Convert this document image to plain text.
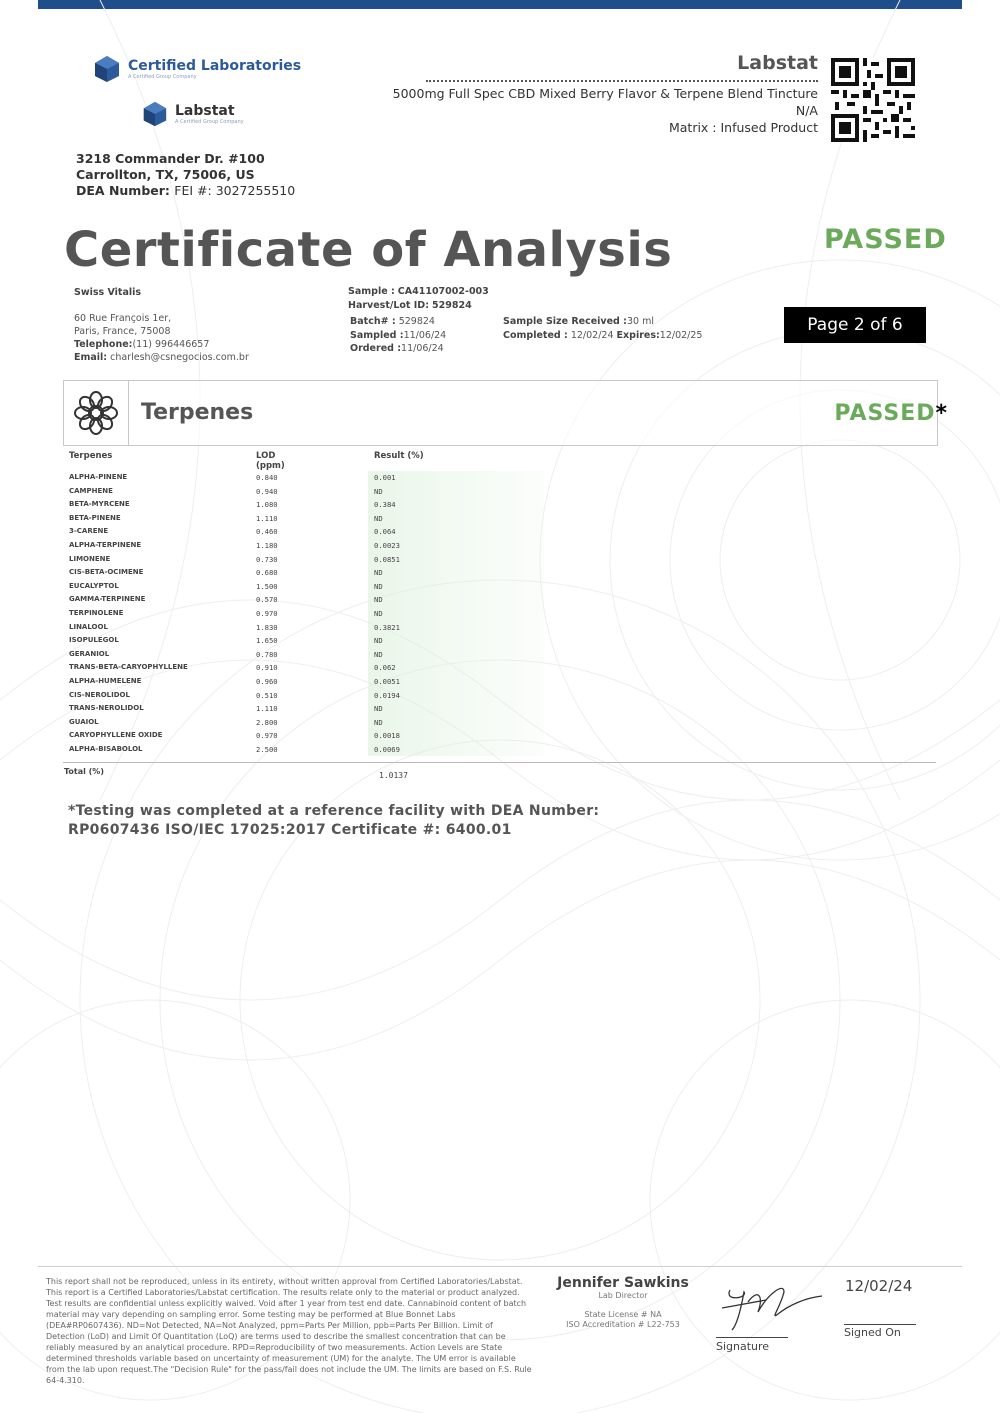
Certified Laboratories
A Certified Group Company
Labstat
A Certified Group Company
3218 Commander Dr. #100
Carrollton, TX, 75006, US
DEA Number: FEI #: 3027255510
Labstat
5000mg Full Spec CBD Mixed Berry Flavor & Terpene Blend Tincture
N/A
Matrix : Infused Product
Certificate of Analysis	PASSED
Swiss Vitalis
60 Rue François 1er,
Paris, France, 75008
Telephone:(11) 996446657
Email: charlesh@csnegocios.com.br
Sample : CA41107002-003
Harvest/Lot ID: 529824
Batch# : 529824
Sampled :11/06/24
Ordered :11/06/24
Sample Size Received :30 ml
Completed : 12/02/24 Expires:12/02/25	Page 2 of 6
Terpenes	PASSED*
Terpenes	LOD (ppm)	Result (%)
ALPHA-PINENE	0.840	0.001
CAMPHENE	0.940	ND
BETA-MYRCENE	1.080	0.384
BETA-PINENE	1.110	ND
3-CARENE	0.460	0.064
ALPHA-TERPINENE	1.180	0.0023
LIMONENE	0.730	0.0851
CIS-BETA-OCIMENE	0.680	ND
EUCALYPTOL	1.500	ND
GAMMA-TERPINENE	0.570	ND
TERPINOLENE	0.970	ND
LINALOOL	1.830	0.3821
ISOPULEGOL	1.650	ND
GERANIOL	0.780	ND
TRANS-BETA-CARYOPHYLLENE	0.910	0.062
ALPHA-HUMELENE	0.960	0.0051
CIS-NEROLIDOL	0.510	0.0194
TRANS-NEROLIDOL	1.110	ND
GUAIOL	2.800	ND
CARYOPHYLLENE OXIDE	0.970	0.0018
ALPHA-BISABOLOL	2.500	0.0069
Total (%)	1.0137
*Testing was completed at a reference facility with DEA Number:
RP0607436 ISO/IEC 17025:2017 Certificate #: 6400.01
This report shall not be reproduced, unless in its entirety, without written approval from Certified Laboratories/Labstat. This report is a Certified Laboratories/Labstat certification. The results relate only to the material or product analyzed. Test results are confidential unless explicitly waived. Void after 1 year from test end date. Cannabinoid content of batch material may vary depending on sampling error. Some testing may be performed at Blue Bonnet Labs (DEA#RP0607436). ND=Not Detected, NA=Not Analyzed, ppm=Parts Per Million, ppb=Parts Per Billion. Limit of Detection (LoD) and Limit Of Quantitation (LoQ) are terms used to describe the smallest concentration that can be reliably measured by an analytical procedure. RPD=Reproducibility of two measurements. Action Levels are State determined thresholds variable based on uncertainty of measurement (UM) for the analyte. The UM error is available from the lab upon request.The "Decision Rule" for the pass/fail does not include the UM. The limits are based on F.S. Rule 64-4.310.
Jennifer Sawkins
Lab Director
State License # NA
ISO Accreditation # L22-753
Signature
12/02/24
Signed On
